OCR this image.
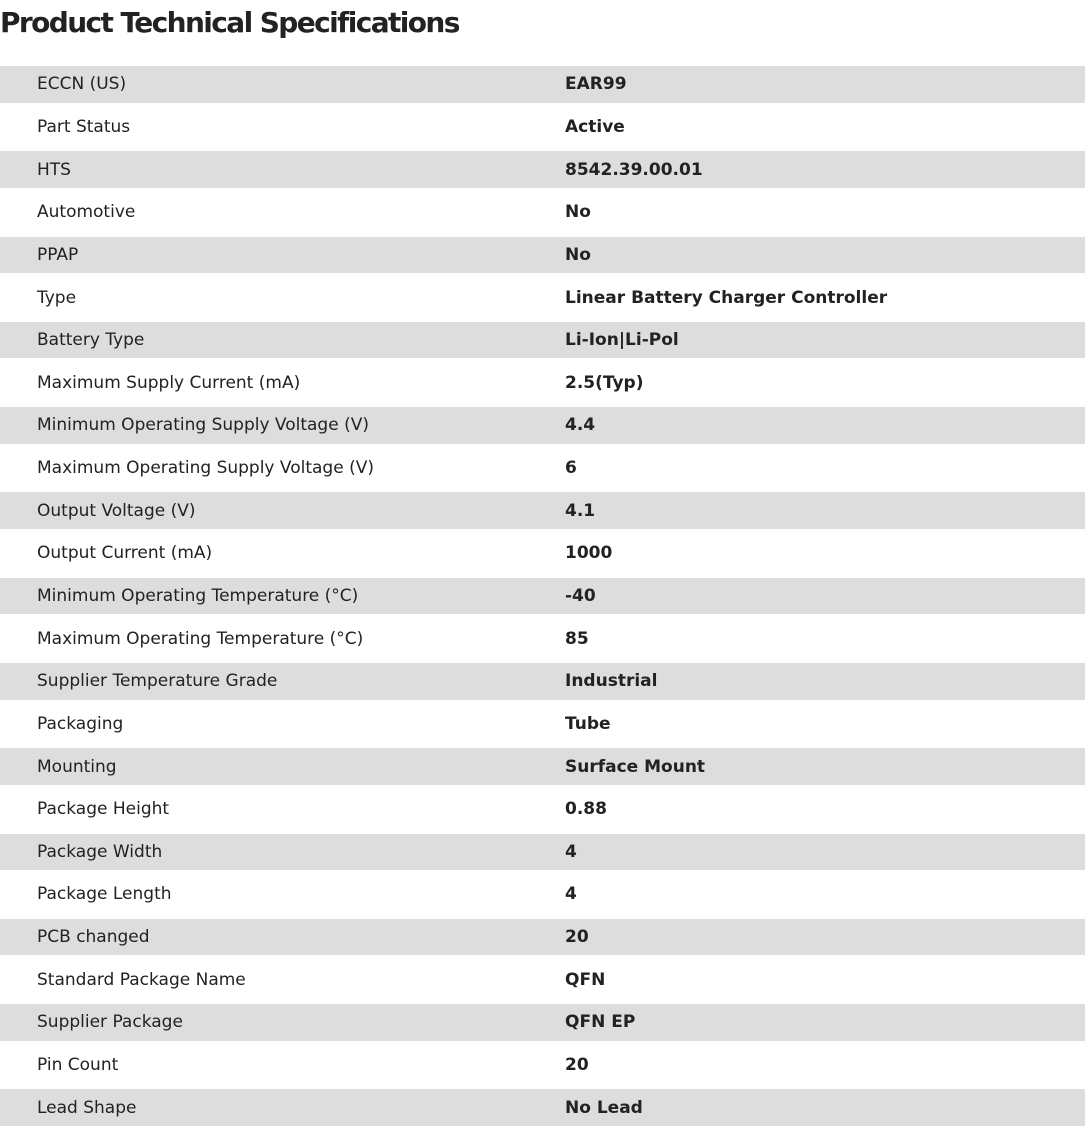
Product Technical Specifications
ECCN (US)	EAR99
Part Status	Active
HTS	8542.39.00.01
Automotive	No
PPAP	No
Type	Linear Battery Charger Controller
Battery Type	Li-Ion|Li-Pol
Maximum Supply Current (mA)	2.5(Typ)
Minimum Operating Supply Voltage (V)	4.4
Maximum Operating Supply Voltage (V)	6
Output Voltage (V)	4.1
Output Current (mA)	1000
Minimum Operating Temperature (°C)	-40
Maximum Operating Temperature (°C)	85
Supplier Temperature Grade	Industrial
Packaging	Tube
Mounting	Surface Mount
Package Height	0.88
Package Width	4
Package Length	4
PCB changed	20
Standard Package Name	QFN
Supplier Package	QFN EP
Pin Count	20
Lead Shape	No Lead
